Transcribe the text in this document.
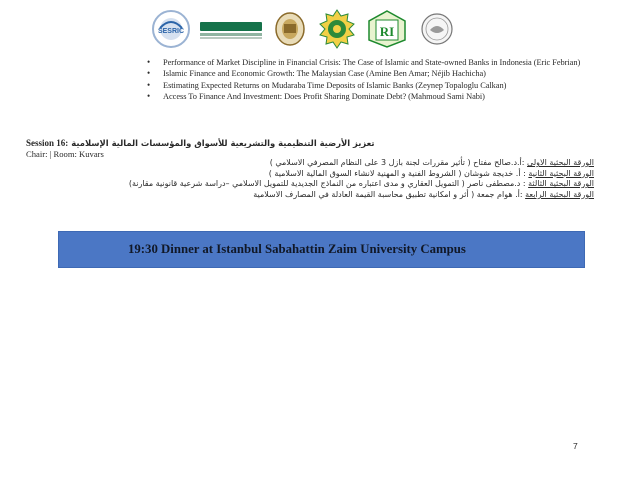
SESRIC	RI
• Performance of Market Discipline in Financial Crisis: The Case of Islamic and State-owned Banks in Indonesia (Eric Febrian)
• Islamic Finance and Economic Growth: The Malaysian Case (Amine Ben Amar; Néjib Hachicha)
• Estimating Expected Returns on Mudaraba Time Deposits of Islamic Banks (Zeynep Topaloglu Calkan)
• Access To Finance And Investment: Does Profit Sharing Dominate Debt? (Mahmoud Sami Nabi)
Session 16: تعزيز الأرضية التنظيمية والتشريعية للأسواق والمؤسسات المالية الإسلامية
Chair: | Room: Kuvars
الورقة البحثية الاولى :أ.د.صالح مفتاح ( تأثير مقررات لجنة بازل 3 على النظام المصرفي الاسلامي )
الورقة البحثية الثانية : أ. خديجة شوشان ( الشروط الفنية و المهنية لانشاء السوق المالية الاسلامية )
الورقة البحثية الثالثة : د.مصطفى ناصر ( التمويل العقاري و مدى اعتباره من النماذج الجديدية للتمويل الاسلامي –دراسة شرعية قانونية مقارنة)
الورقة البحثية الرابعة :أ. هوام جمعة ( أثر و امكانية تطبيق محاسبة القيمة العادلة في المصارف الاسلامية
19:30 Dinner at Istanbul Sabahattin Zaim University Campus
7
